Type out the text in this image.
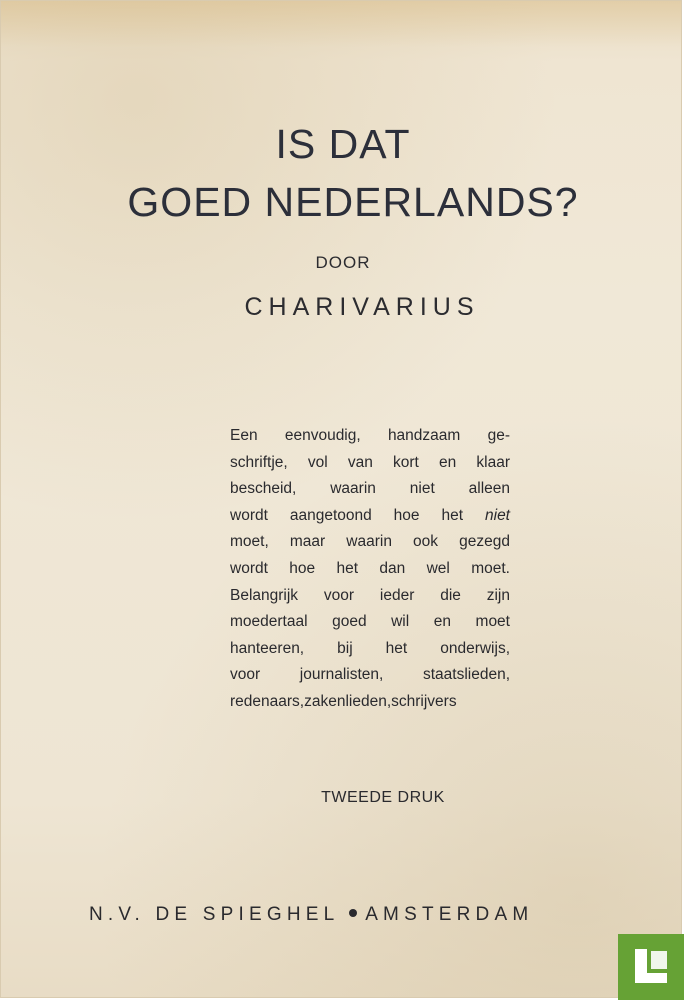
IS DAT
GOED NEDERLANDS?
DOOR
CHARIVARIUS
Een eenvoudig, handzaam ge-
schriftje, vol van kort en klaar
bescheid, waarin niet alleen
wordt aangetoond hoe het niet
moet, maar waarin ook gezegd
wordt hoe het dan wel moet.
Belangrijk voor ieder die zijn
moedertaal goed wil en moet
hanteeren, bij het onderwijs,
voor journalisten, staatslieden,
redenaars,zakenlieden,schrijvers
TWEEDE DRUK
N.V. DE SPIEGHEL AMSTERDAM
